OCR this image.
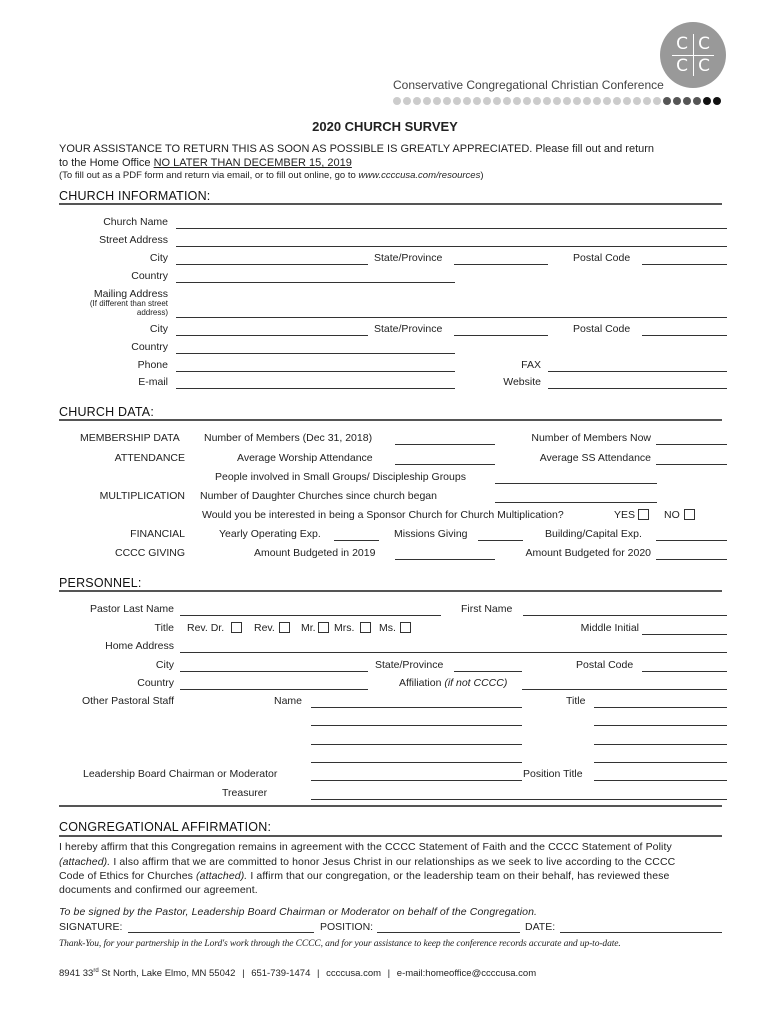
C C
C C
Conservative Congregational Christian Conference
2020 CHURCH SURVEY
YOUR ASSISTANCE TO RETURN THIS AS SOON AS POSSIBLE IS GREATLY APPRECIATED. Please fill out and return
to the Home Office NO LATER THAN DECEMBER 15, 2019
(To fill out as a PDF form and return via email, or to fill out online, go to www.ccccusa.com/resources)
CHURCH INFORMATION:
Church Name
Street Address
City	State/Province	Postal Code
Country
Mailing Address
(If different than street
address)
City	State/Province	Postal Code
Country
Phone	FAX
E-mail	Website
CHURCH DATA:
MEMBERSHIP DATA Number of Members (Dec 31, 2018)	Number of Members Now
ATTENDANCE	Average Worship Attendance	Average SS Attendance
People involved in Small Groups/ Discipleship Groups
MULTIPLICATION Number of Daughter Churches since church began
Would you be interested in being a Sponsor Church for Church Multiplication?	YES	NO
FINANCIAL	Yearly Operating Exp.	Missions Giving	Building/Capital Exp.
CCCC GIVING	Amount Budgeted in 2019	Amount Budgeted for 2020
PERSONNEL:
Pastor Last Name	First Name
Title Rev. Dr.	Rev. Mr. Mrs. Ms.	Middle Initial
Home Address
City	State/Province	Postal Code
Country	Affiliation (if not CCCC)
Other Pastoral Staff	Name	Title
Leadership Board Chairman or Moderator	Position Title
Treasurer
CONGREGATIONAL AFFIRMATION:
I hereby affirm that this Congregation remains in agreement with the CCCC Statement of Faith and the CCCC Statement of Polity
(attached). I also affirm that we are committed to honor Jesus Christ in our relationships as we seek to live according to the CCCC
Code of Ethics for Churches (attached). I affirm that our congregation, or the leadership team on their behalf, has reviewed these
documents and confirmed our agreement.
To be signed by the Pastor, Leadership Board Chairman or Moderator on behalf of the Congregation.
SIGNATURE:	POSITION:	DATE:
Thank-You, for your partnership in the Lord's work through the CCCC, and for your assistance to keep the conference records accurate and up-to-date.
8941 33rd St North, Lake Elmo, MN 55042 | 651-739-1474 | ccccusa.com | e-mail:homeoffice@ccccusa.com
